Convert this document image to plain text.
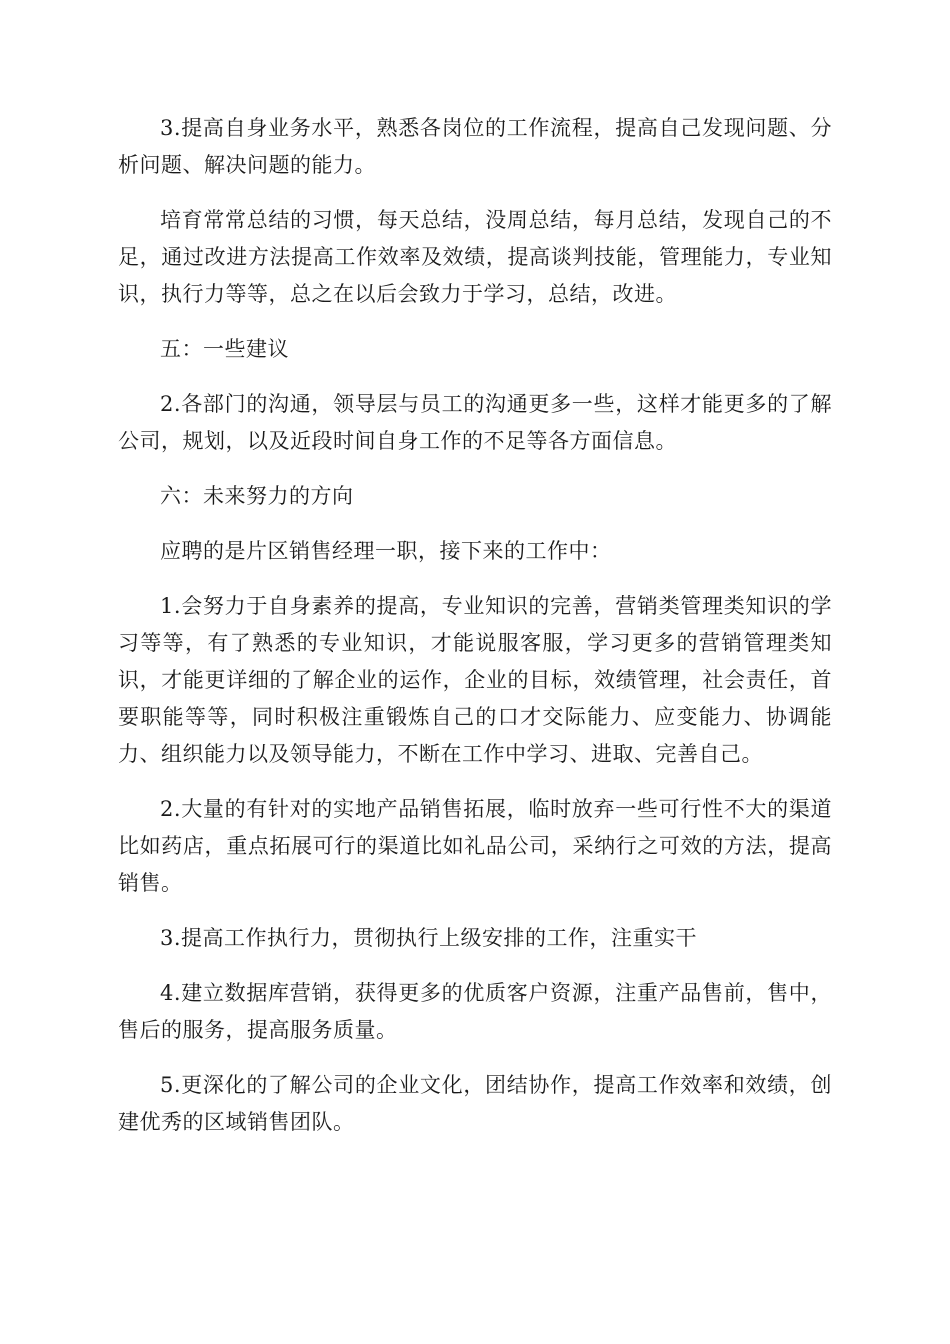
3.提高自身业务水平，熟悉各岗位的工作流程，提高自己发现问题、分析问题、解决问题的能力。

培育常常总结的习惯，每天总结，没周总结，每月总结，发现自己的不足，通过改进方法提高工作效率及效绩，提高谈判技能，管理能力，专业知识，执行力等等，总之在以后会致力于学习，总结，改进。

五：一些建议

2.各部门的沟通，领导层与员工的沟通更多一些，这样才能更多的了解公司，规划，以及近段时间自身工作的不足等各方面信息。

六：未来努力的方向

应聘的是片区销售经理一职，接下来的工作中：

1.会努力于自身素养的提高，专业知识的完善，营销类管理类知识的学习等等，有了熟悉的专业知识，才能说服客服，学习更多的营销管理类知识，才能更详细的了解企业的运作，企业的目标，效绩管理，社会责任，首要职能等等，同时积极注重锻炼自己的口才交际能力、应变能力、协调能力、组织能力以及领导能力，不断在工作中学习、进取、完善自己。

2.大量的有针对的实地产品销售拓展，临时放弃一些可行性不大的渠道比如药店，重点拓展可行的渠道比如礼品公司，采纳行之可效的方法，提高销售。

3.提高工作执行力，贯彻执行上级安排的工作，注重实干

4.建立数据库营销，获得更多的优质客户资源，注重产品售前，售中，售后的服务，提高服务质量。

5.更深化的了解公司的企业文化，团结协作，提高工作效率和效绩，创建优秀的区域销售团队。
